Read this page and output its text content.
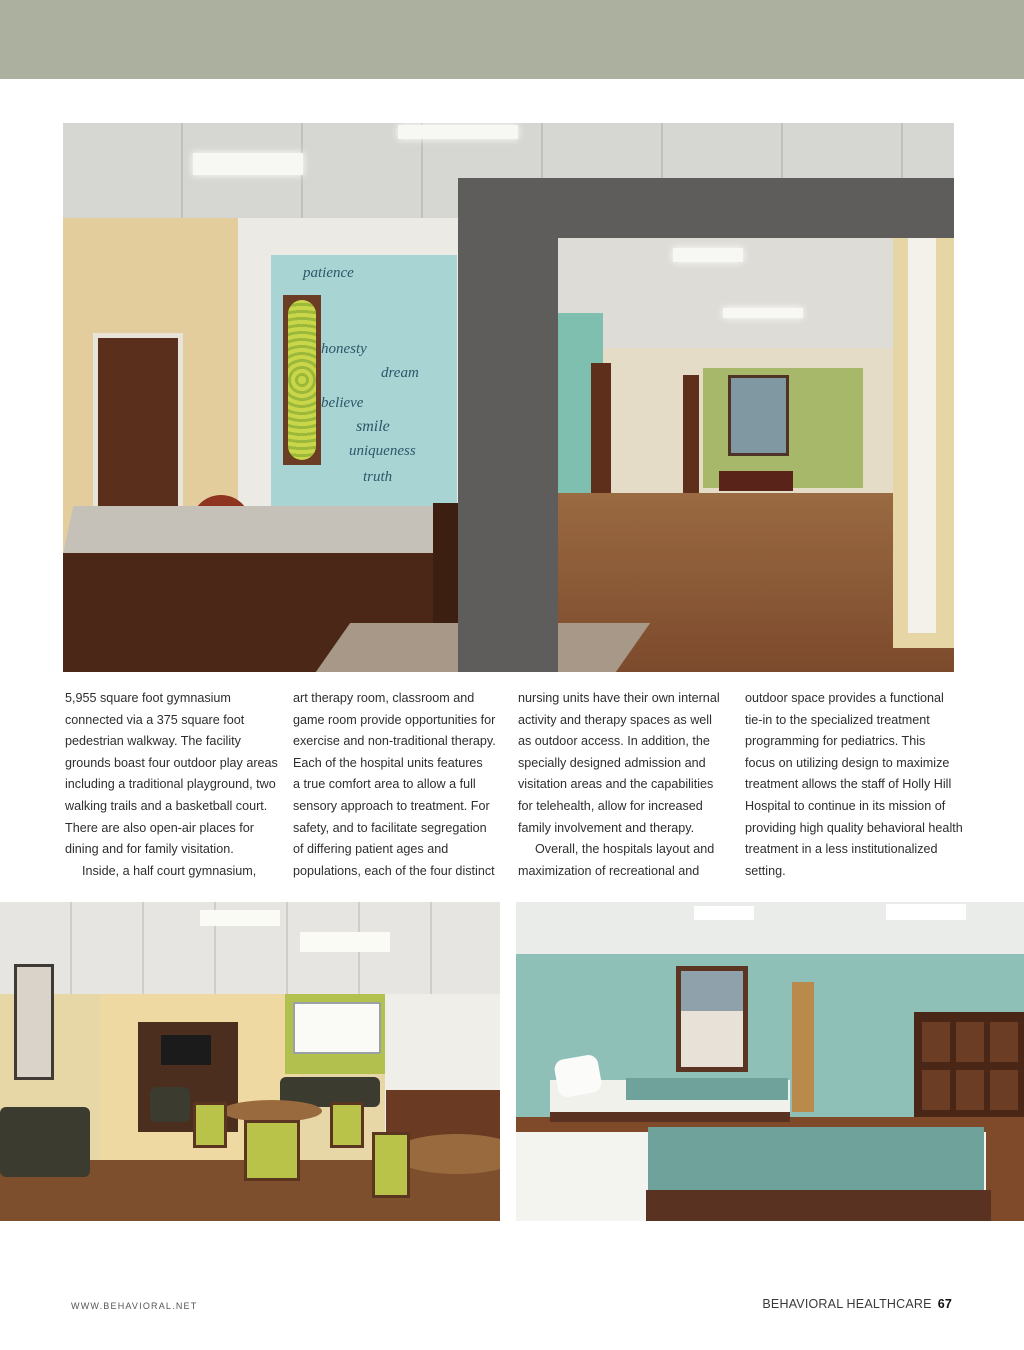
patience
honesty
dream
believe
smile
uniqueness
truth

5,955 square foot gymnasium

connected via a 375 square foot

pedestrian walkway. The facility

grounds boast four outdoor play areas

including a traditional playground, two

walking trails and a basketball court.

There are also open-air places for

dining and for family visitation.

Inside, a half court gymnasium,

art therapy room, classroom and

game room provide opportunities for

exercise and non-traditional therapy.

Each of the hospital units features

a true comfort area to allow a full

sensory approach to treatment. For

safety, and to facilitate segregation

of differing patient ages and

populations, each of the four distinct

nursing units have their own internal

activity and therapy spaces as well

as outdoor access. In addition, the

specially designed admission and

visitation areas and the capabilities

for telehealth, allow for increased

family involvement and therapy.

Overall, the hospitals layout and

maximization of recreational and

outdoor space provides a functional

tie-in to the specialized treatment

programming for pediatrics. This

focus on utilizing design to maximize

treatment allows the staff of Holly Hill

Hospital to continue in its mission of

providing high quality behavioral health

treatment in a less institutionalized

setting.

WWW.BEHAVIORAL.NET	BEHAVIORAL HEALTHCARE 67
